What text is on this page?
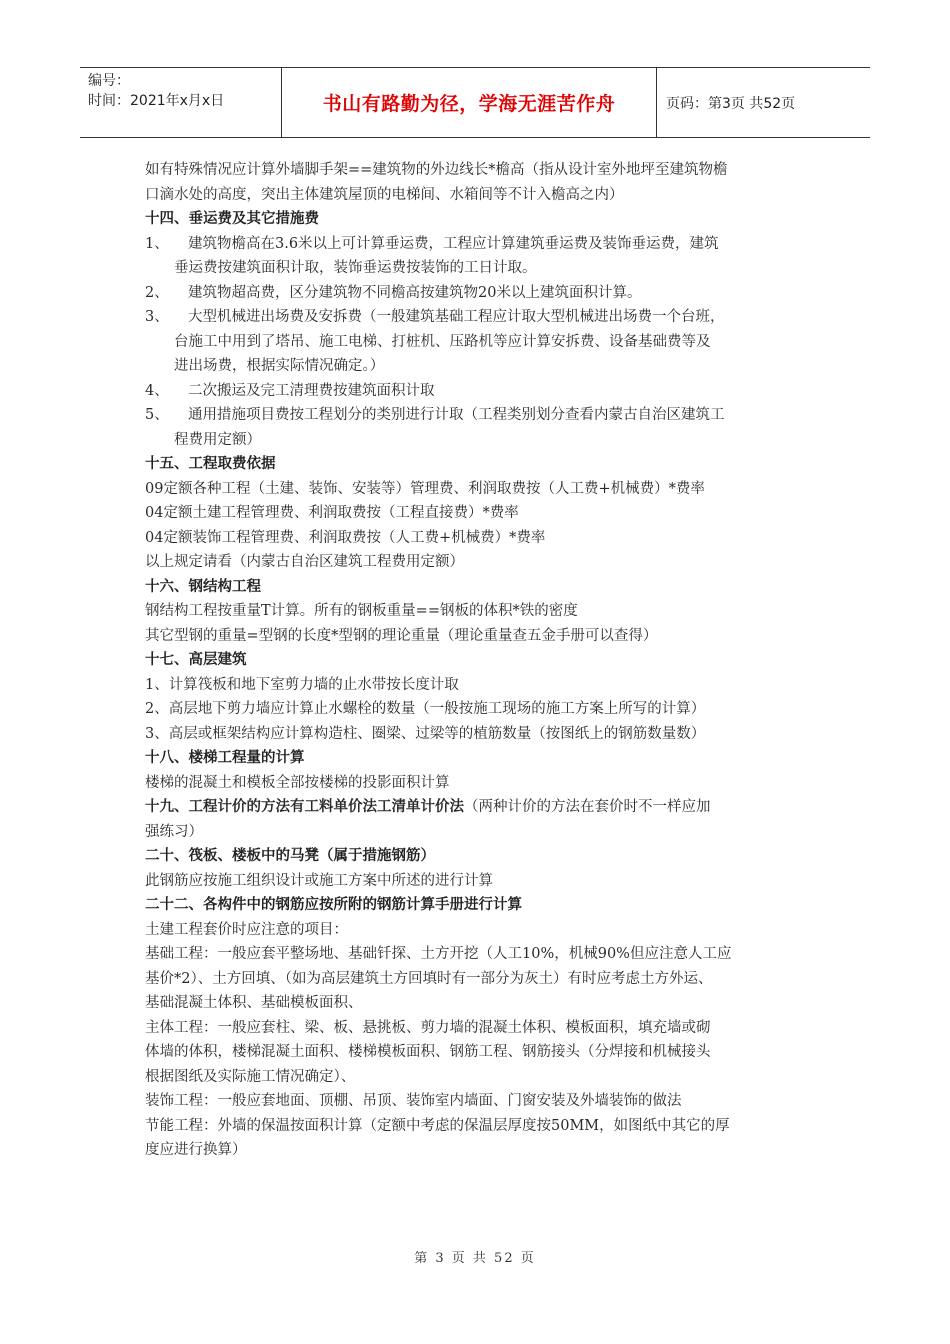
编号：
时间：2021年x月x日	书山有路勤为径，学海无涯苦作舟	页码：第3页 共52页

如有特殊情况应计算外墙脚手架==建筑物的外边线长*檐高（指从设计室外地坪至建筑物檐

口滴水处的高度，突出主体建筑屋顶的电梯间、水箱间等不计入檐高之内）

十四、垂运费及其它措施费

1、	建筑物檐高在3.6米以上可计算垂运费，工程应计算建筑垂运费及装饰垂运费，建筑
垂运费按建筑面积计取，装饰垂运费按装饰的工日计取。
2、	建筑物超高费，区分建筑物不同檐高按建筑物20米以上建筑面积计算。
3、	大型机械进出场费及安拆费（一般建筑基础工程应计取大型机械进出场费一个台班，
台施工中用到了塔吊、施工电梯、打桩机、压路机等应计算安拆费、设备基础费等及
进出场费，根据实际情况确定。）
4、	二次搬运及完工清理费按建筑面积计取
5、	通用措施项目费按工程划分的类别进行计取（工程类别划分查看内蒙古自治区建筑工
程费用定额）

十五、工程取费依据

09定额各种工程（土建、装饰、安装等）管理费、利润取费按（人工费+机械费）*费率

04定额土建工程管理费、利润取费按（工程直接费）*费率

04定额装饰工程管理费、利润取费按（人工费+机械费）*费率

以上规定请看（内蒙古自治区建筑工程费用定额）

十六、钢结构工程

钢结构工程按重量T计算。所有的钢板重量==钢板的体积*铁的密度

其它型钢的重量=型钢的长度*型钢的理论重量（理论重量查五金手册可以查得）

十七、高层建筑

1、计算筏板和地下室剪力墙的止水带按长度计取

2、高层地下剪力墙应计算止水螺栓的数量（一般按施工现场的施工方案上所写的计算）

3、高层或框架结构应计算构造柱、圈梁、过梁等的植筋数量（按图纸上的钢筋数量数）

十八、楼梯工程量的计算

楼梯的混凝土和模板全部按楼梯的投影面积计算

十九、工程计价的方法有工料单价法工清单计价法（两种计价的方法在套价时不一样应加

强练习）

二十、筏板、楼板中的马凳（属于措施钢筋）

此钢筋应按施工组织设计或施工方案中所述的进行计算

二十二、各构件中的钢筋应按所附的钢筋计算手册进行计算

土建工程套价时应注意的项目：

基础工程：一般应套平整场地、基础钎探、土方开挖（人工10%，机械90%但应注意人工应

基价*2）、土方回填、（如为高层建筑土方回填时有一部分为灰土）有时应考虑土方外运、

基础混凝土体积、基础模板面积、

主体工程：一般应套柱、梁、板、悬挑板、剪力墙的混凝土体积、模板面积，填充墙或砌

体墙的体积，楼梯混凝土面积、楼梯模板面积、钢筋工程、钢筋接头（分焊接和机械接头

根据图纸及实际施工情况确定）、

装饰工程：一般应套地面、顶棚、吊顶、装饰室内墙面、门窗安装及外墙装饰的做法

节能工程：外墙的保温按面积计算（定额中考虑的保温层厚度按50MM，如图纸中其它的厚

度应进行换算）

第 3 页 共 52 页
